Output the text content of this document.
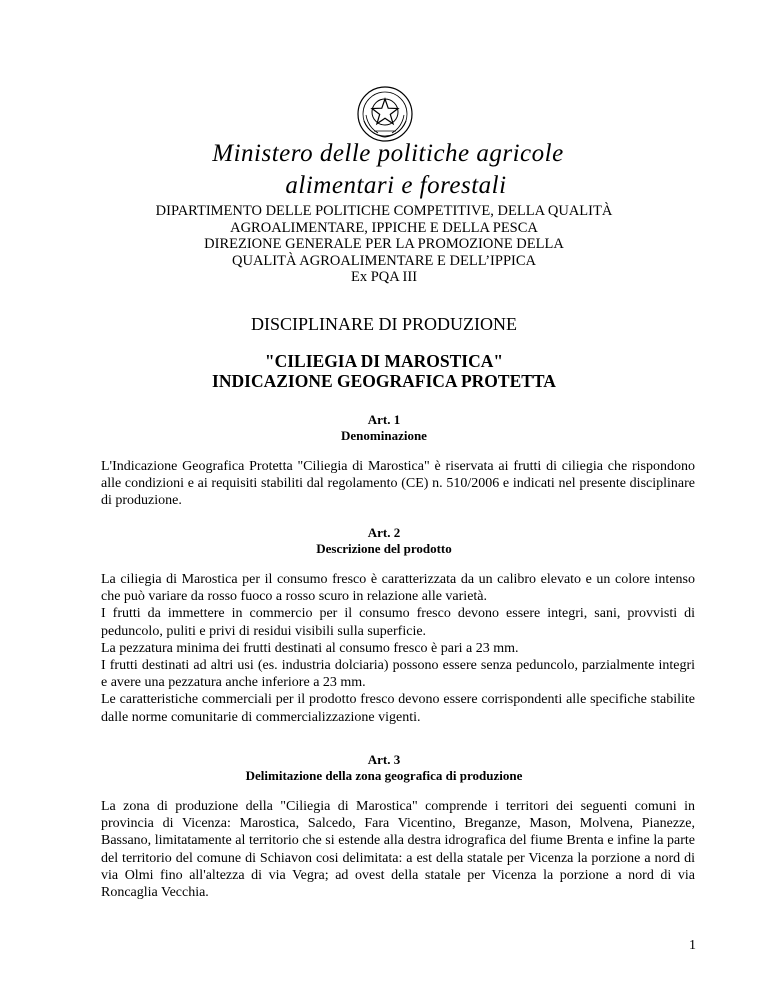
Ministero delle politiche agricole
alimentari e forestali
DIPARTIMENTO DELLE POLITICHE COMPETITIVE, DELLA QUALITÀ
AGROALIMENTARE, IPPICHE E DELLA PESCA
DIREZIONE GENERALE PER LA PROMOZIONE DELLA
QUALITÀ AGROALIMENTARE E DELL’IPPICA
Ex PQA III
DISCIPLINARE DI PRODUZIONE
"CILIEGIA DI MAROSTICA"
INDICAZIONE GEOGRAFICA PROTETTA
Art. 1
Denominazione

L'Indicazione Geografica Protetta "Ciliegia di Marostica" è riservata ai frutti di ciliegia che rispondono alle condizioni e ai requisiti stabiliti dal regolamento (CE) n. 510/2006 e indicati nel presente disciplinare di produzione.

Art. 2
Descrizione del prodotto

La ciliegia di Marostica per il consumo fresco è caratterizzata da un calibro elevato e un colore intenso che può variare da rosso fuoco a rosso scuro in relazione alle varietà.

I frutti da immettere in commercio per il consumo fresco devono essere integri, sani, provvisti di peduncolo, puliti e privi di residui visibili sulla superficie.

La pezzatura minima dei frutti destinati al consumo fresco è pari a 23 mm.

I frutti destinati ad altri usi (es. industria dolciaria) possono essere senza peduncolo, parzialmente integri e avere una pezzatura anche inferiore a 23 mm.

Le caratteristiche commerciali per il prodotto fresco devono essere corrispondenti alle specifiche stabilite dalle norme comunitarie di commercializzazione vigenti.

Art. 3
Delimitazione della zona geografica di produzione

La zona di produzione della "Ciliegia di Marostica" comprende i territori dei seguenti comuni in provincia di Vicenza: Marostica, Salcedo, Fara Vicentino, Breganze, Mason, Molvena, Pianezze, Bassano, limitatamente al territorio che si estende alla destra idrografica del fiume Brenta e infine la parte del territorio del comune di Schiavon cosi delimitata: a est della statale per Vicenza la porzione a nord di via Olmi fino all'altezza di via Vegra; ad ovest della statale per Vicenza la porzione a nord di via Roncaglia Vecchia.

1
